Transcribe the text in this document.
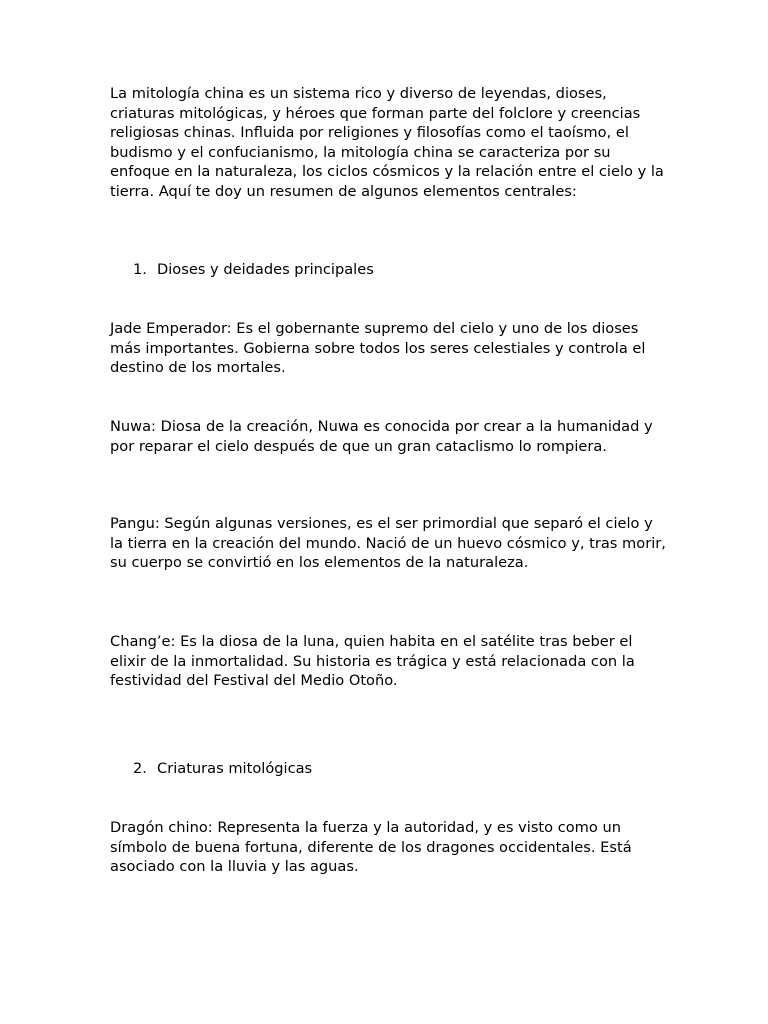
La mitología china es un sistema rico y diverso de leyendas, dioses, criaturas mitológicas, y héroes que forman parte del folclore y creencias religiosas chinas. Influida por religiones y filosofías como el taoísmo, el budismo y el confucianismo, la mitología china se caracteriza por su enfoque en la naturaleza, los ciclos cósmicos y la relación entre el cielo y la tierra. Aquí te doy un resumen de algunos elementos centrales:

1. Dioses y deidades principales

Jade Emperador: Es el gobernante supremo del cielo y uno de los dioses más importantes. Gobierna sobre todos los seres celestiales y controla el destino de los mortales.

Nuwa: Diosa de la creación, Nuwa es conocida por crear a la humanidad y por reparar el cielo después de que un gran cataclismo lo rompiera.

Pangu: Según algunas versiones, es el ser primordial que separó el cielo y la tierra en la creación del mundo. Nació de un huevo cósmico y, tras morir, su cuerpo se convirtió en los elementos de la naturaleza.

Chang’e: Es la diosa de la luna, quien habita en el satélite tras beber el elixir de la inmortalidad. Su historia es trágica y está relacionada con la festividad del Festival del Medio Otoño.

2. Criaturas mitológicas

Dragón chino: Representa la fuerza y la autoridad, y es visto como un símbolo de buena fortuna, diferente de los dragones occidentales. Está asociado con la lluvia y las aguas.
